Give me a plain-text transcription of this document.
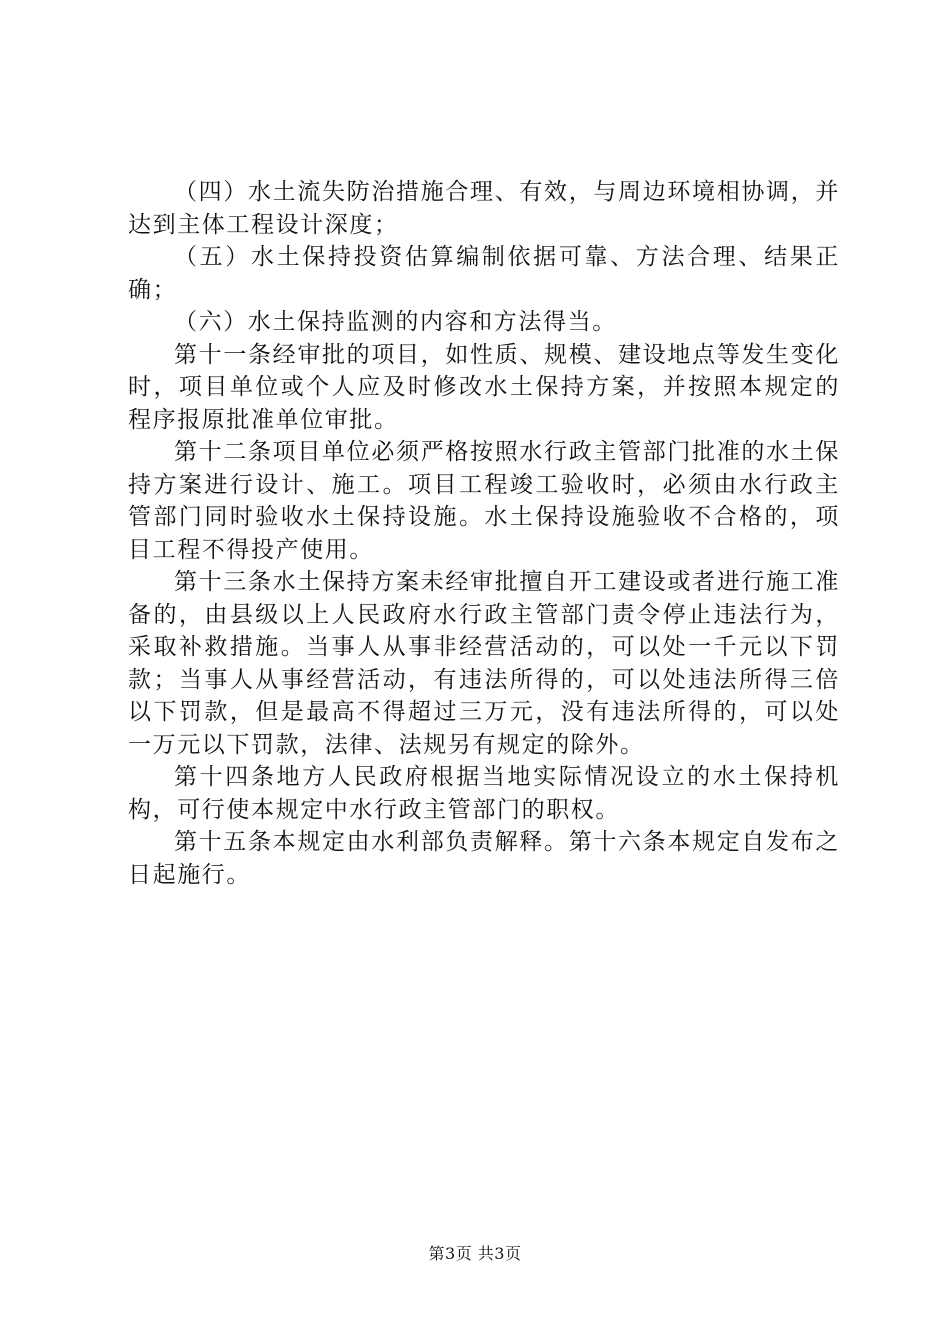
（四）水土流失防治措施合理、有效，与周边环境相协调，并达到主体工程设计深度；

（五）水土保持投资估算编制依据可靠、方法合理、结果正确；

（六）水土保持监测的内容和方法得当。

第十一条经审批的项目，如性质、规模、建设地点等发生变化时，项目单位或个人应及时修改水土保持方案，并按照本规定的程序报原批准单位审批。

第十二条项目单位必须严格按照水行政主管部门批准的水土保持方案进行设计、施工。项目工程竣工验收时，必须由水行政主管部门同时验收水土保持设施。水土保持设施验收不合格的，项目工程不得投产使用。

第十三条水土保持方案未经审批擅自开工建设或者进行施工准备的，由县级以上人民政府水行政主管部门责令停止违法行为，采取补救措施。当事人从事非经营活动的，可以处一千元以下罚款；当事人从事经营活动，有违法所得的，可以处违法所得三倍以下罚款，但是最高不得超过三万元，没有违法所得的，可以处一万元以下罚款，法律、法规另有规定的除外。

第十四条地方人民政府根据当地实际情况设立的水土保持机构，可行使本规定中水行政主管部门的职权。

第十五条本规定由水利部负责解释。第十六条本规定自发布之日起施行。

第3页 共3页
